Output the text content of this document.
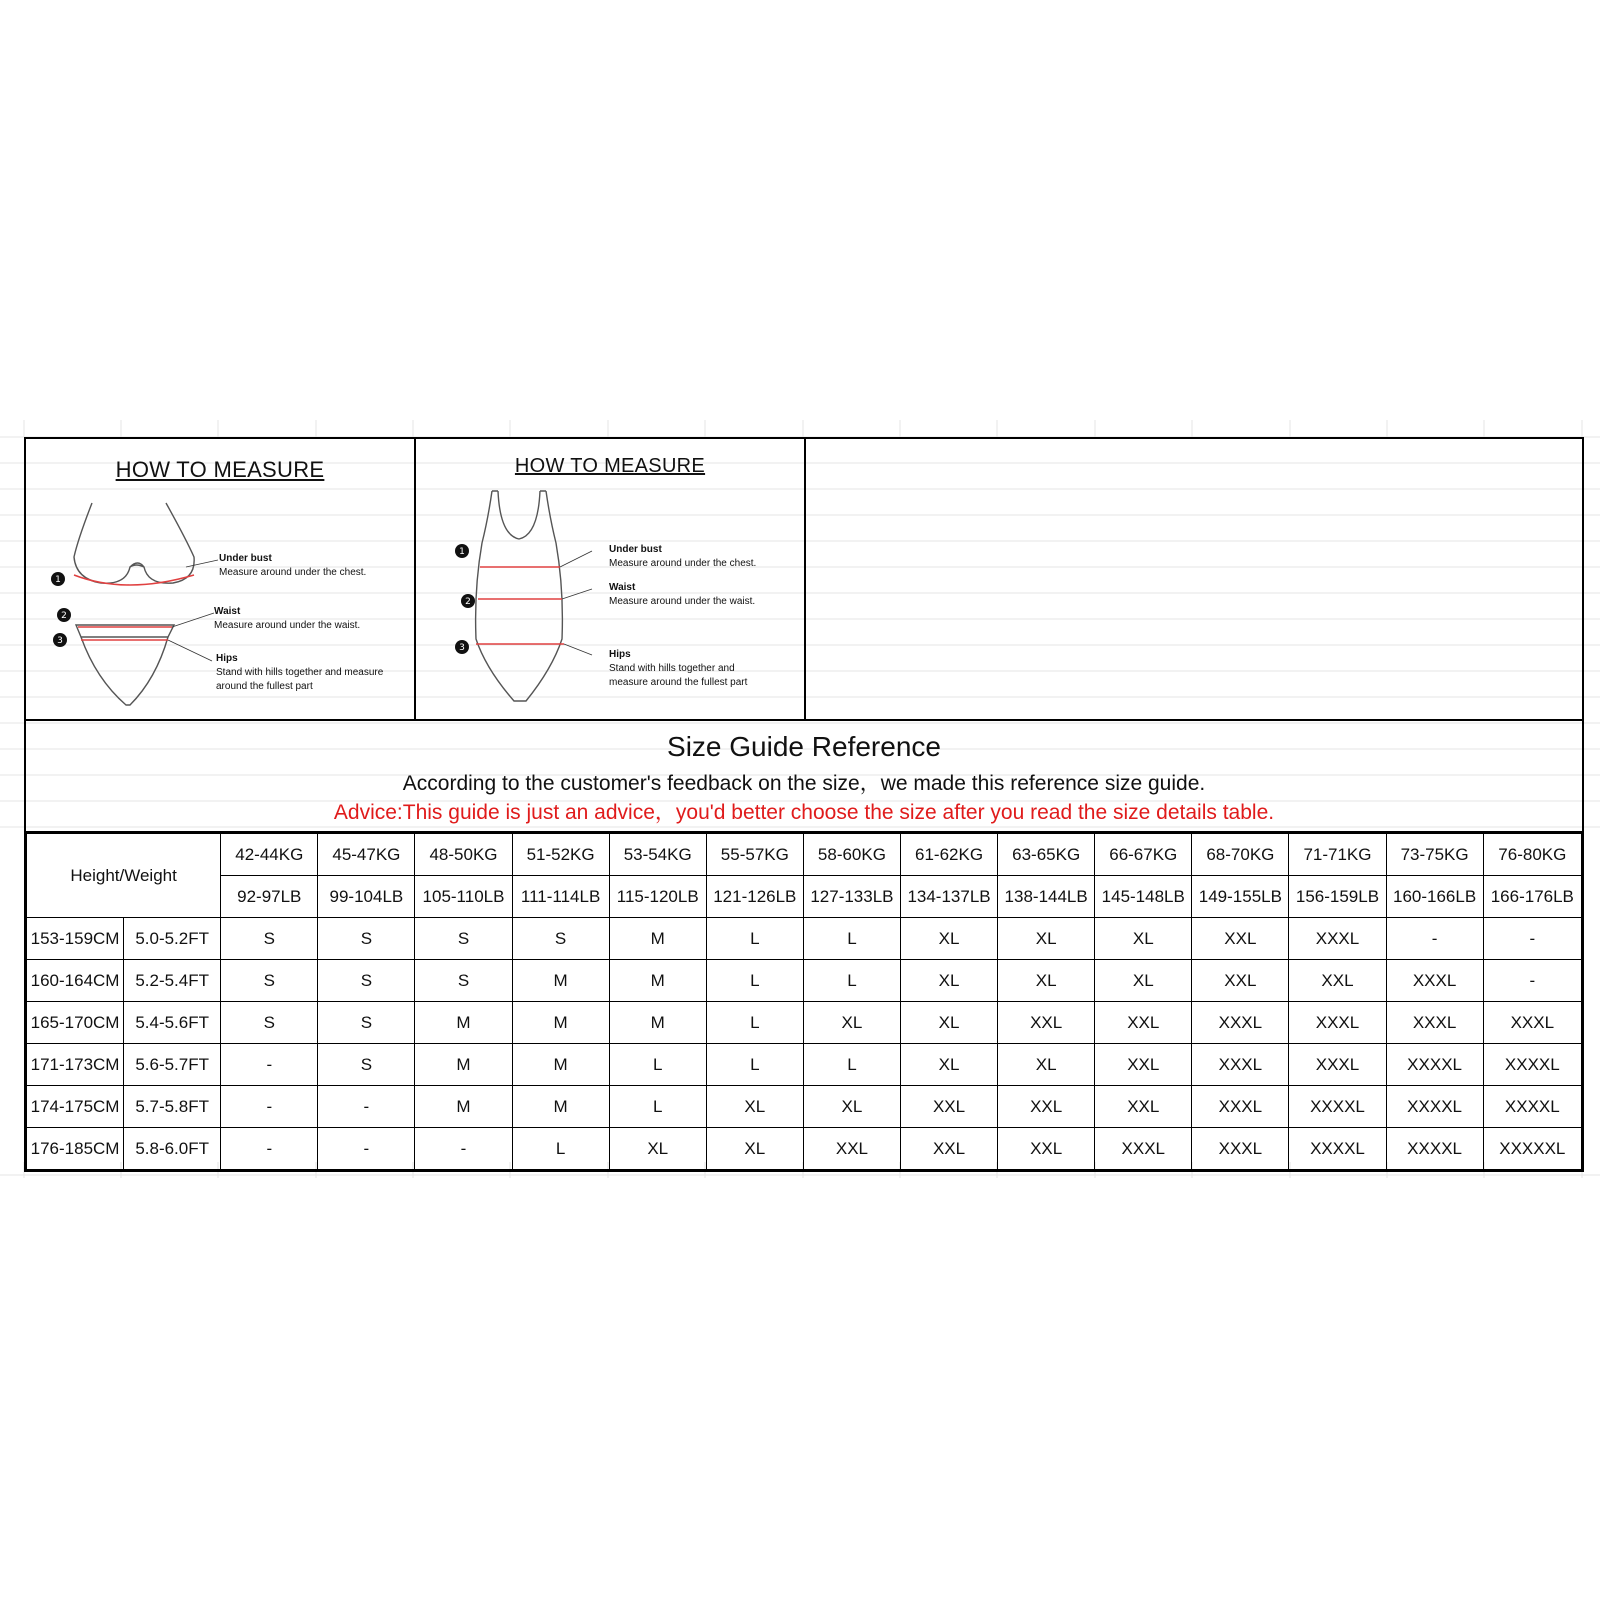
HOW TO MEASURE
1
2
3
Under bust
Measure around under the chest.
Waist
Measure around under the waist.
Hips
Stand with hills together and measure around the fullest part
HOW TO MEASURE
1
2
3
Under bust
Measure around under the chest.
Waist
Measure around under the waist.
Hips
Stand with hills together and measure around the fullest part
Size Guide Reference
According to the customer's feedback on the size，we made this reference size guide.
Advice:This guide is just an advice，you'd better choose the size after you read the size details table.
Height/Weight		42-44KG	45-47KG	48-50KG	51-52KG	53-54KG	55-57KG	58-60KG	61-62KG	63-65KG	66-67KG	68-70KG	71-71KG	73-75KG	76-80KG
		92-97LB	99-104LB	105-110LB	111-114LB	115-120LB	121-126LB	127-133LB	134-137LB	138-144LB	145-148LB	149-155LB	156-159LB	160-166LB	166-176LB
153-159CM	5.0-5.2FT	S	S	S	S	M	L	L	XL	XL	XL	XXL	XXXL	-	-
160-164CM	5.2-5.4FT	S	S	S	M	M	L	L	XL	XL	XL	XXL	XXL	XXXL	-
165-170CM	5.4-5.6FT	S	S	M	M	M	L	XL	XL	XXL	XXL	XXXL	XXXL	XXXL	XXXL
171-173CM	5.6-5.7FT	-	S	M	M	L	L	L	XL	XL	XXL	XXXL	XXXL	XXXXL	XXXXL
174-175CM	5.7-5.8FT	-	-	M	M	L	XL	XL	XXL	XXL	XXL	XXXL	XXXXL	XXXXL	XXXXL
176-185CM	5.8-6.0FT	-	-	-	L	XL	XL	XXL	XXL	XXL	XXXL	XXXL	XXXXL	XXXXL	XXXXXL
